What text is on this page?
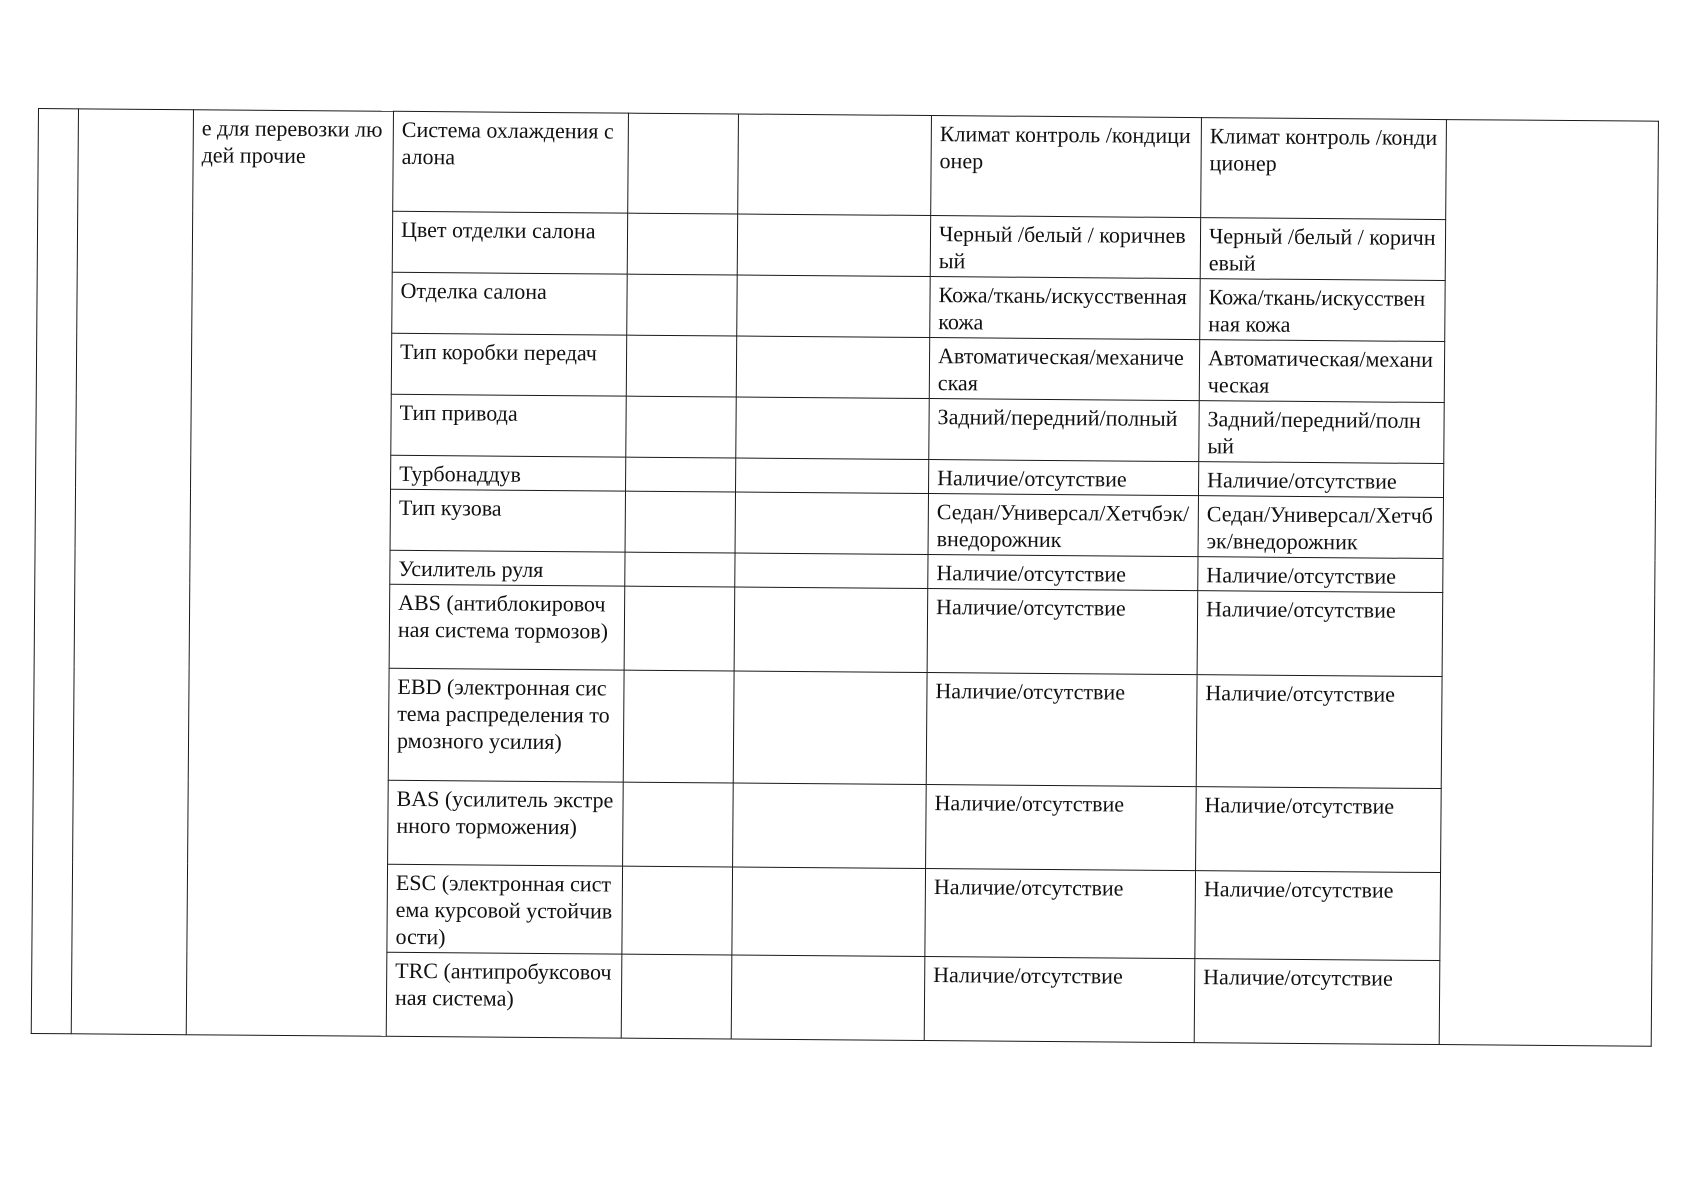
		е для перевозки людей прочие	Система охлаждения салона			Климат контроль /кондиционер	Климат контроль /кондиционер	
			Цвет отделки салона			Черный /белый / коричневый	Черный /белый / коричневый	
			Отделка салона			Кожа/ткань/искусственная кожа	Кожа/ткань/искусственная кожа	
			Тип коробки передач			Автоматическая/механическая	Автоматическая/механическая	
			Тип привода			Задний/передний/полный	Задний/передний/полный	
			Турбонаддув			Наличие/отсутствие	Наличие/отсутствие	
			Тип кузова			Седан/Универсал/Хетчбэк/внедорожник	Седан/Универсал/Хетчбэк/внедорожник	
			Усилитель руля			Наличие/отсутствие	Наличие/отсутствие	
			ABS (антиблокировочная система тормозов)			Наличие/отсутствие	Наличие/отсутствие	
			EBD (электронная система распределения тормозного усилия)			Наличие/отсутствие	Наличие/отсутствие	
			BAS (усилитель экстренного торможения)			Наличие/отсутствие	Наличие/отсутствие	
			ESC (электронная система курсовой устойчивости)			Наличие/отсутствие	Наличие/отсутствие	
			TRC (антипробуксовочная система)			Наличие/отсутствие	Наличие/отсутствие	
